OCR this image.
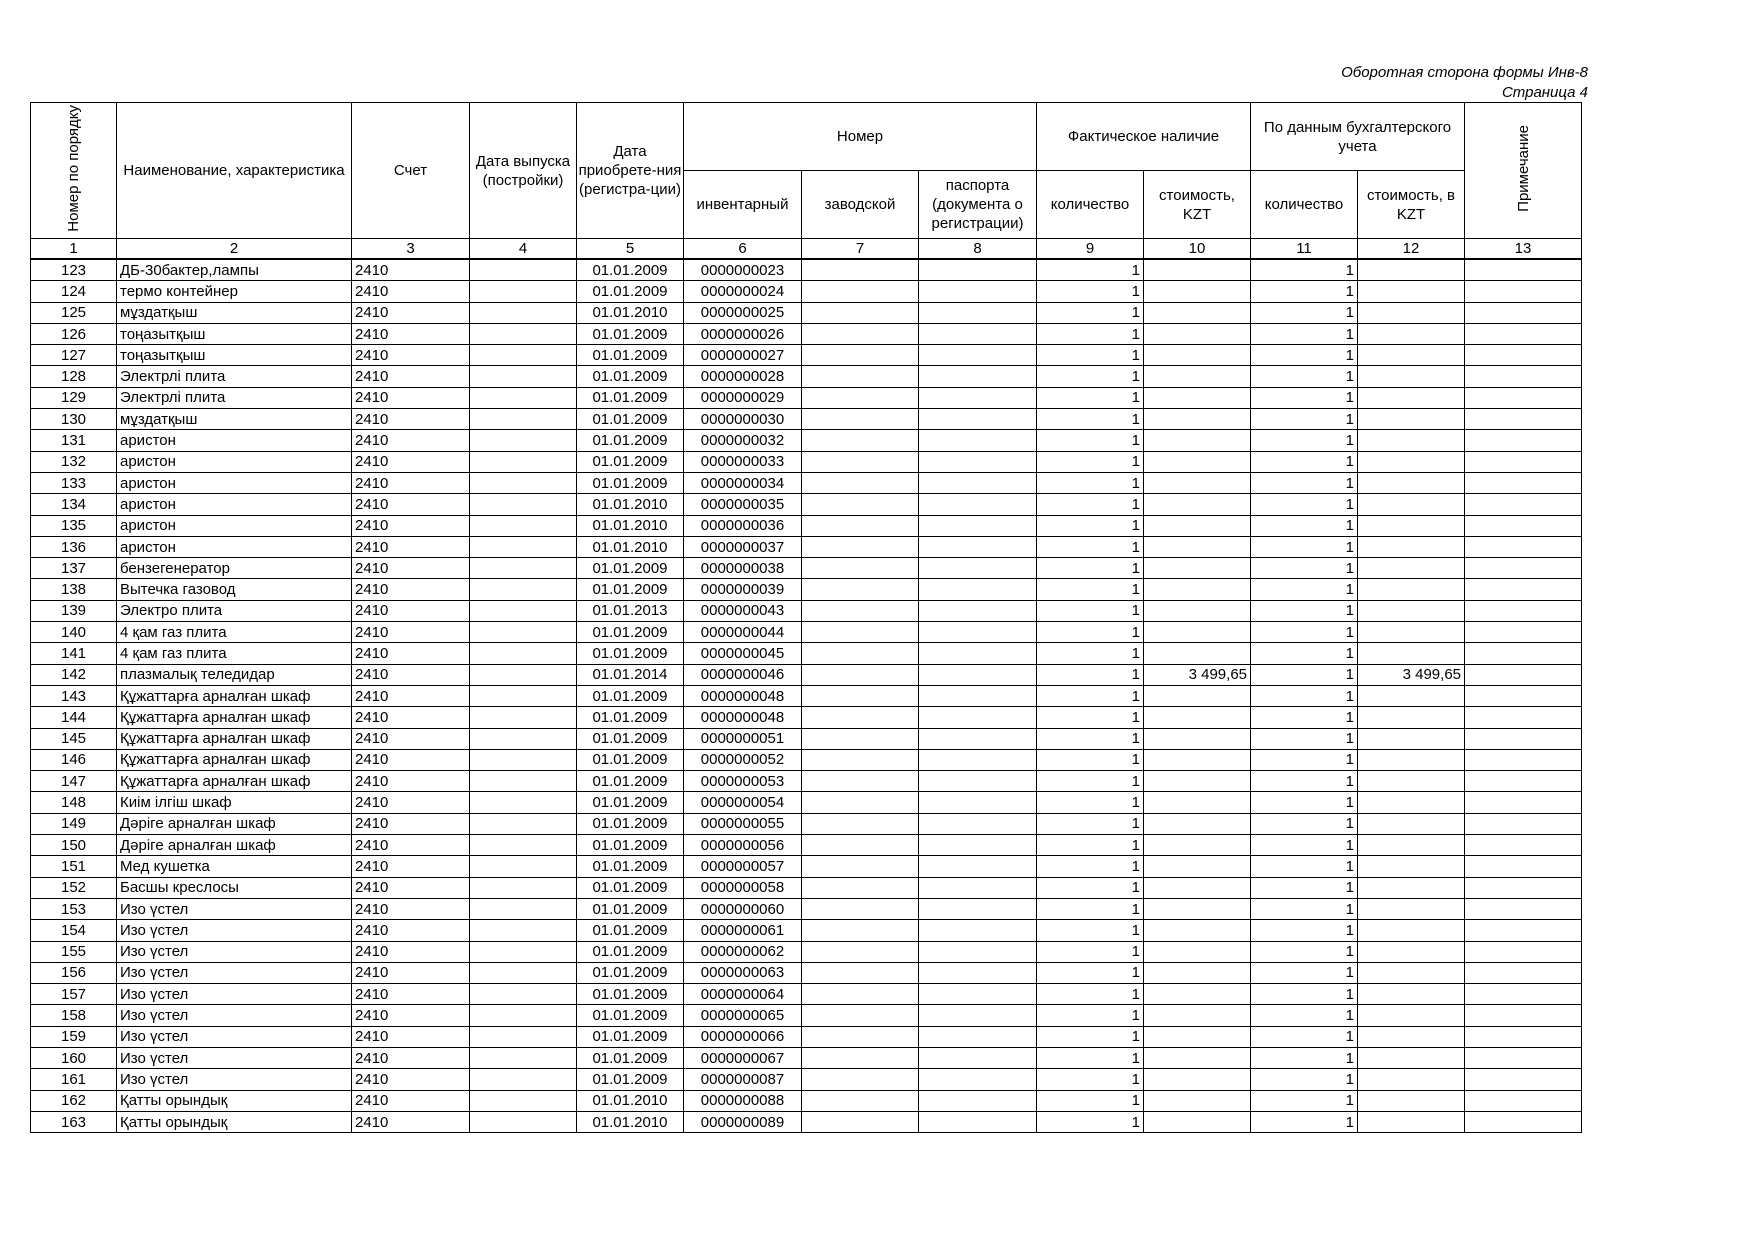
Оборотная сторона формы Инв-8
Страница 4
Номер по порядку	Наименование, характеристика	Счет	Дата выпуска (постройки)	Дата приобрете-ния (регистра-ции)	Номер			Фактическое наличие		По данным бухгалтерского учета		Примечание
					инвентарный	заводской	паспорта (документа о регистрации)	количество	стоимость, KZT	количество	стоимость, в KZT	
1	2	3	4	5	6	7	8	9	10	11	12	13
123	ДБ-30бактер,лампы	2410		01.01.2009	0000000023			1		1		
124	термо контейнер	2410		01.01.2009	0000000024			1		1		
125	мұздатқыш	2410		01.01.2010	0000000025			1		1		
126	тоңазытқыш	2410		01.01.2009	0000000026			1		1		
127	тоңазытқыш	2410		01.01.2009	0000000027			1		1		
128	Электрлі плита	2410		01.01.2009	0000000028			1		1		
129	Электрлі плита	2410		01.01.2009	0000000029			1		1		
130	мұздатқыш	2410		01.01.2009	0000000030			1		1		
131	аристон	2410		01.01.2009	0000000032			1		1		
132	аристон	2410		01.01.2009	0000000033			1		1		
133	аристон	2410		01.01.2009	0000000034			1		1		
134	аристон	2410		01.01.2010	0000000035			1		1		
135	аристон	2410		01.01.2010	0000000036			1		1		
136	аристон	2410		01.01.2010	0000000037			1		1		
137	бензегенератор	2410		01.01.2009	0000000038			1		1		
138	Вытечка газовод	2410		01.01.2009	0000000039			1		1		
139	Электро плита	2410		01.01.2013	0000000043			1		1		
140	4 қам газ плита	2410		01.01.2009	0000000044			1		1		
141	4 қам газ плита	2410		01.01.2009	0000000045			1		1		
142	плазмалық теледидар	2410		01.01.2014	0000000046			1	3 499,65	1	3 499,65	
143	Құжаттарға арналған шкаф	2410		01.01.2009	0000000048			1		1		
144	Құжаттарға арналған шкаф	2410		01.01.2009	0000000048			1		1		
145	Құжаттарға арналған шкаф	2410		01.01.2009	0000000051			1		1		
146	Құжаттарға арналған шкаф	2410		01.01.2009	0000000052			1		1		
147	Құжаттарға арналған шкаф	2410		01.01.2009	0000000053			1		1		
148	Киім ілгіш шкаф	2410		01.01.2009	0000000054			1		1		
149	Дәріге арналған шкаф	2410		01.01.2009	0000000055			1		1		
150	Дәріге арналған шкаф	2410		01.01.2009	0000000056			1		1		
151	Мед кушетка	2410		01.01.2009	0000000057			1		1		
152	Басшы креслосы	2410		01.01.2009	0000000058			1		1		
153	Изо үстел	2410		01.01.2009	0000000060			1		1		
154	Изо үстел	2410		01.01.2009	0000000061			1		1		
155	Изо үстел	2410		01.01.2009	0000000062			1		1		
156	Изо үстел	2410		01.01.2009	0000000063			1		1		
157	Изо үстел	2410		01.01.2009	0000000064			1		1		
158	Изо үстел	2410		01.01.2009	0000000065			1		1		
159	Изо үстел	2410		01.01.2009	0000000066			1		1		
160	Изо үстел	2410		01.01.2009	0000000067			1		1		
161	Изо үстел	2410		01.01.2009	0000000087			1		1		
162	Қатты орындық	2410		01.01.2010	0000000088			1		1		
163	Қатты орындық	2410		01.01.2010	0000000089			1		1		
